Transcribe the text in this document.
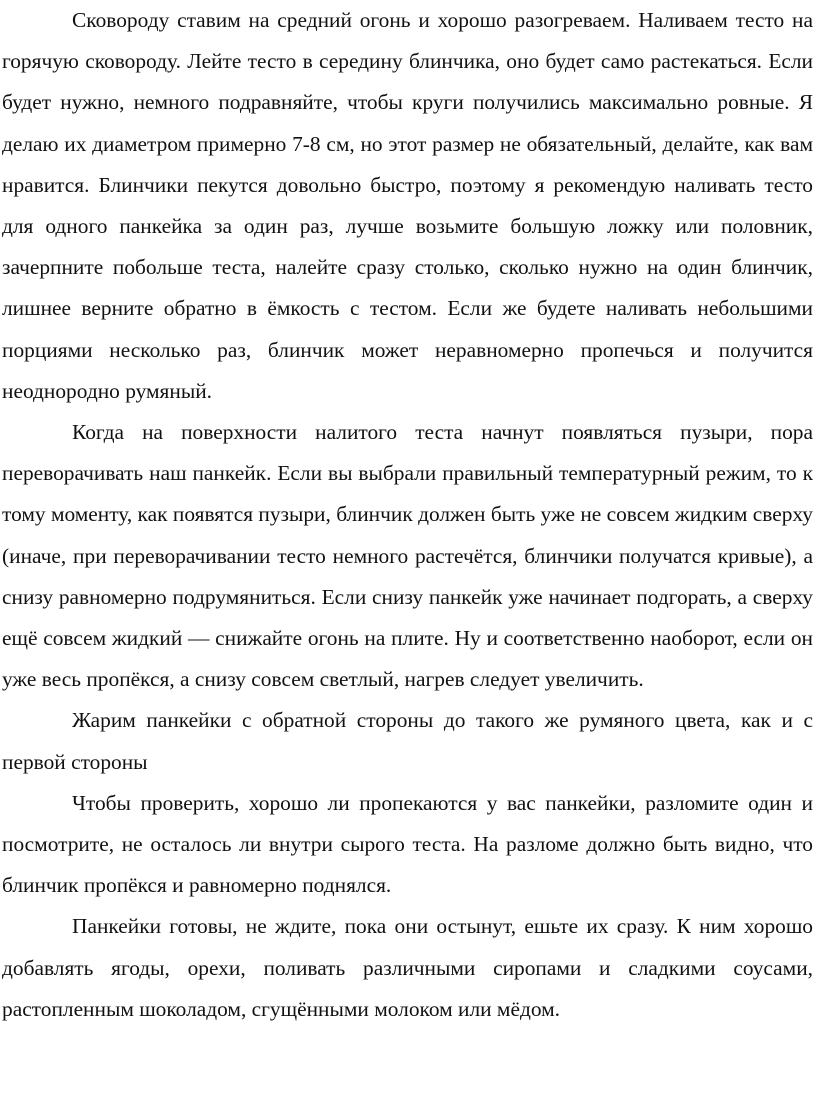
Сковороду ставим на средний огонь и хорошо разогреваем. Наливаем тесто на горячую сковороду. Лейте тесто в середину блинчика, оно будет само растекаться. Если будет нужно, немного подравняйте, чтобы круги получились максимально ровные. Я делаю их диаметром примерно 7-8 см, но этот размер не обязательный, делайте, как вам нравится. Блинчики пекутся довольно быстро, поэтому я рекомендую наливать тесто для одного панкейка за один раз, лучше возьмите большую ложку или половник, зачерпните побольше теста, налейте сразу столько, сколько нужно на один блинчик, лишнее верните обратно в ёмкость с тестом. Если же будете наливать небольшими порциями несколько раз, блинчик может неравномерно пропечься и получится неоднородно румяный.

Когда на поверхности налитого теста начнут появляться пузыри, пора переворачивать наш панкейк. Если вы выбрали правильный температурный режим, то к тому моменту, как появятся пузыри, блинчик должен быть уже не совсем жидким сверху (иначе, при переворачивании тесто немного растечётся, блинчики получатся кривые), а снизу равномерно подрумяниться. Если снизу панкейк уже начинает подгорать, а сверху ещё совсем жидкий — снижайте огонь на плите. Ну и соответственно наоборот, если он уже весь пропёкся, а снизу совсем светлый, нагрев следует увеличить.

Жарим панкейки с обратной стороны до такого же румяного цвета, как и с первой стороны

Чтобы проверить, хорошо ли пропекаются у вас панкейки, разломите один и посмотрите, не осталось ли внутри сырого теста. На разломе должно быть видно, что блинчик пропёкся и равномерно поднялся.

Панкейки готовы, не ждите, пока они остынут, ешьте их сразу. К ним хорошо добавлять ягоды, орехи, поливать различными сиропами и сладкими соусами, растопленным шоколадом, сгущёнными молоком или мёдом.
